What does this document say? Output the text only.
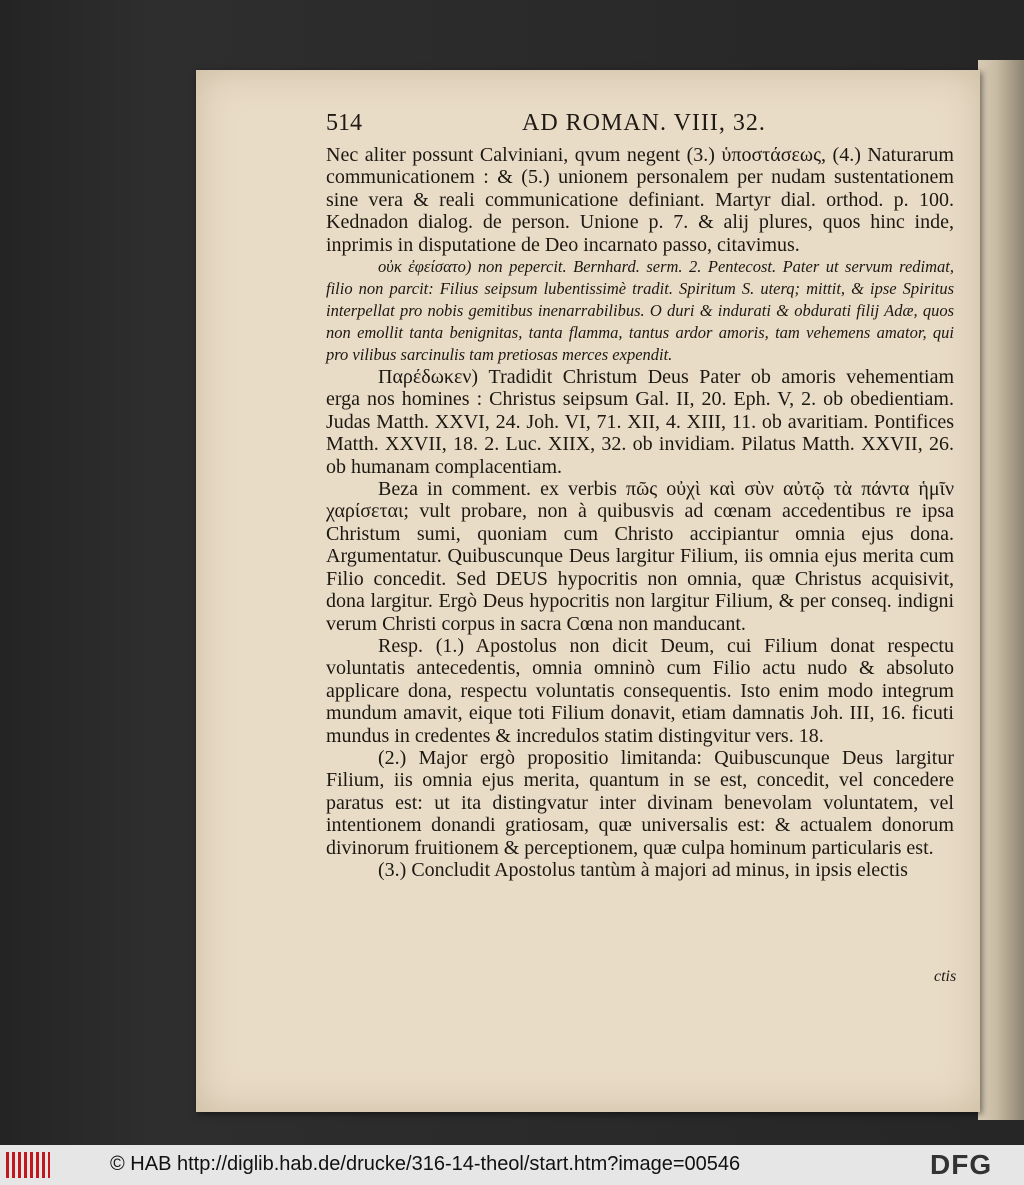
514	AD ROMAN. VIII, 32.

Nec aliter possunt Calviniani, qvum negent (3.) ὑποστάσεως, (4.) Naturarum communicationem : & (5.) unionem personalem per nudam sustentationem sine vera & reali communicatione definiant. Martyr dial. orthod. p. 100. Kednadon dialog. de person. Unione p. 7. & alij plures, quos hinc inde, inprimis in disputatione de Deo incarnato passo, citavimus.

οὐκ ἐφείσατο) non pepercit. Bernhard. serm. 2. Pentecost. Pater ut servum redimat, filio non parcit: Filius seipsum lubentissimè tradit. Spiritum S. uterq; mittit, & ipse Spiritus interpellat pro nobis gemitibus inenarrabilibus. O duri & indurati & obdurati filij Adæ, quos non emollit tanta benignitas, tanta flamma, tantus ardor amoris, tam vehemens amator, qui pro vilibus sarcinulis tam pretiosas merces expendit.

Παρέδωκεν) Tradidit Christum Deus Pater ob amoris vehementiam erga nos homines : Christus seipsum Gal. II, 20. Eph. V, 2. ob obedientiam. Judas Matth. XXVI, 24. Joh. VI, 71. XII, 4. XIII, 11. ob avaritiam. Pontifices Matth. XXVII, 18. 2. Luc. XIIX, 32. ob invidiam. Pilatus Matth. XXVII, 26. ob humanam complacentiam.

Beza in comment. ex verbis πῶς οὐχὶ καὶ σὺν αὐτῷ τὰ πάντα ἡμῖν χαρίσεται; vult probare, non à quibusvis ad cœnam accedentibus re ipsa Christum sumi, quoniam cum Christo accipiantur omnia ejus dona. Argumentatur. Quibuscunque Deus largitur Filium, iis omnia ejus merita cum Filio concedit. Sed DEUS hypocritis non omnia, quæ Christus acquisivit, dona largitur. Ergò Deus hypocritis non largitur Filium, & per conseq. indigni verum Christi corpus in sacra Cœna non manducant.

Resp. (1.) Apostolus non dicit Deum, cui Filium donat respectu voluntatis antecedentis, omnia omninò cum Filio actu nudo & absoluto applicare dona, respectu voluntatis consequentis. Isto enim modo integrum mundum amavit, eique toti Filium donavit, etiam damnatis Joh. III, 16. ficuti mundus in credentes & incredulos statim distingvitur vers. 18.

(2.) Major ergò propositio limitanda: Quibuscunque Deus largitur Filium, iis omnia ejus merita, quantum in se est, concedit, vel concedere paratus est: ut ita distingvatur inter divinam benevolam voluntatem, vel intentionem donandi gratiosam, quæ universalis est: & actualem donorum divinorum fruitionem & perceptionem, quæ culpa hominum particularis est.

(3.) Concludit Apostolus tantùm à majori ad minus, in ipsis electis

ctis
© HAB http://diglib.hab.de/drucke/316-14-theol/start.htm?image=00546	DFG
